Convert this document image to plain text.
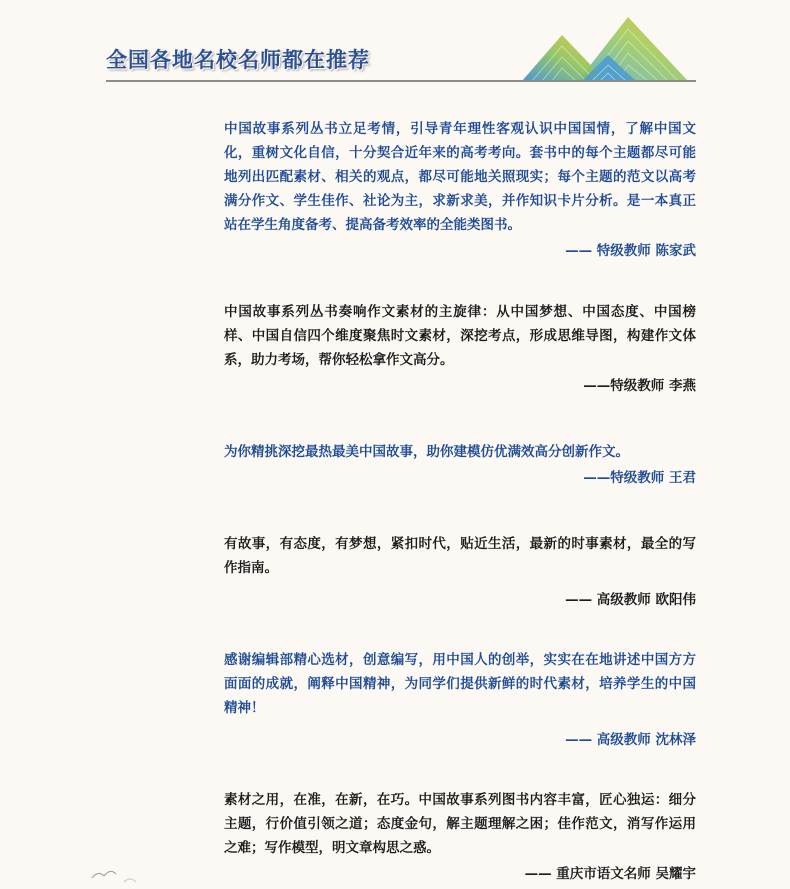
全国各地名校名师都在推荐

中国故事系列丛书立足考情，引导青年理性客观认识中国国情，了解中国文化，重树文化自信，十分契合近年来的高考考向。套书中的每个主题都尽可能地列出匹配素材、相关的观点，都尽可能地关照现实；每个主题的范文以高考满分作文、学生佳作、社论为主，求新求美，并作知识卡片分析。是一本真正站在学生角度备考、提高备考效率的全能类图书。

—— 特级教师 陈家武

中国故事系列丛书奏响作文素材的主旋律：从中国梦想、中国态度、中国榜样、中国自信四个维度聚焦时文素材，深挖考点，形成思维导图，构建作文体系，助力考场，帮你轻松拿作文高分。

——特级教师 李燕

为你精挑深挖最热最美中国故事，助你建模仿优满效高分创新作文。

——特级教师 王君

有故事，有态度，有梦想，紧扣时代，贴近生活，最新的时事素材，最全的写作指南。

—— 高级教师 欧阳伟

感谢编辑部精心选材，创意编写，用中国人的创举，实实在在地讲述中国方方面面的成就，阐释中国精神，为同学们提供新鲜的时代素材，培养学生的中国精神！

—— 高级教师 沈林泽

素材之用，在准，在新，在巧。中国故事系列图书内容丰富，匠心独运：细分主题，行价值引领之道；态度金句，解主题理解之困；佳作范文，消写作运用之难；写作模型，明文章构思之惑。

—— 重庆市语文名师 吴耀宇
